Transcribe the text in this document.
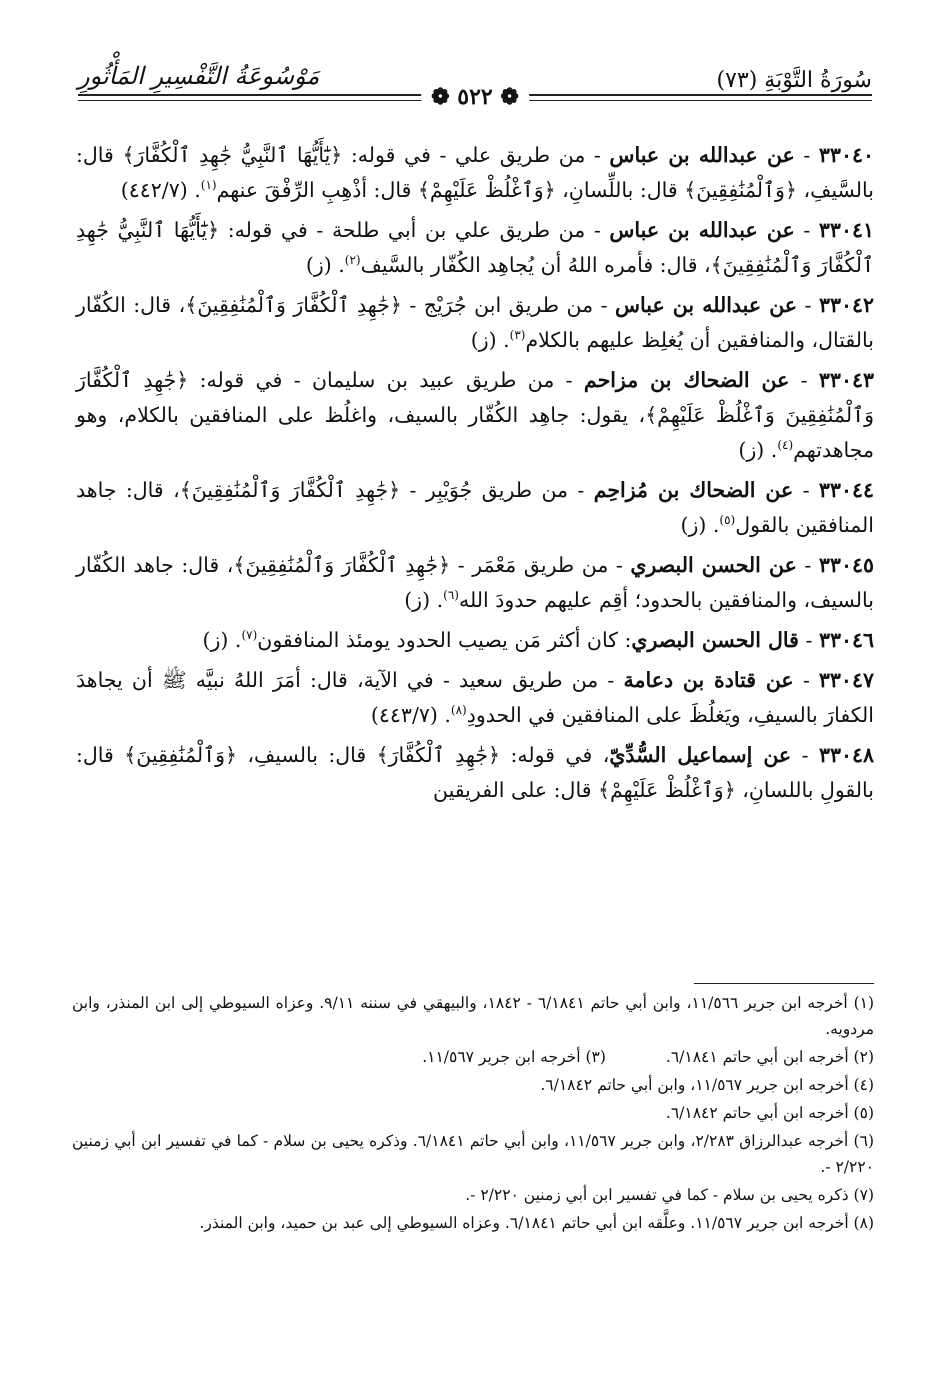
سُورَةُ التَّوْبَةِ (٧٣)
مَوْسُوعَةُ التَّفْسِيرِ المَأْثُورِ
❁ ٥٢٢ ❁

٣٣٠٤٠ - عن عبدالله بن عباس - من طريق علي - في قوله: ﴿يَٰٓأَيُّهَا ٱلنَّبِيُّ جَٰهِدِ ٱلْكُفَّارَ﴾ قال: بالسَّيفِ، ﴿وَٱلْمُنَٰفِقِينَ﴾ قال: باللِّسانِ، ﴿وَٱغْلُظْ عَلَيْهِمْ﴾ قال: أذْهِبِ الرِّفْقَ عنهم$^{(١)}$. (٤٤٢/٧)

٣٣٠٤١ - عن عبدالله بن عباس - من طريق علي بن أبي طلحة - في قوله: ﴿يَٰٓأَيُّهَا ٱلنَّبِيُّ جَٰهِدِ ٱلْكُفَّارَ وَٱلْمُنَٰفِقِينَ﴾، قال: فأمره اللهُ أن يُجاهِد الكُفّار بالسَّيف$^{(٢)}$. (ز)

٣٣٠٤٢ - عن عبدالله بن عباس - من طريق ابن جُرَيْج - ﴿جَٰهِدِ ٱلْكُفَّارَ وَٱلْمُنَٰفِقِينَ﴾، قال: الكُفّار بالقتال، والمنافقين أن يُغلِظ عليهم بالكلام$^{(٣)}$. (ز)

٣٣٠٤٣ - عن الضحاك بن مزاحم - من طريق عبيد بن سليمان - في قوله: ﴿جَٰهِدِ ٱلْكُفَّارَ وَٱلْمُنَٰفِقِينَ وَٱغْلُظْ عَلَيْهِمْ﴾، يقول: جاهِد الكُفّار بالسيف، واغلُظ على المنافقين بالكلام، وهو مجاهدتهم$^{(٤)}$. (ز)

٣٣٠٤٤ - عن الضحاك بن مُزاحِم - من طريق جُوَيْبِر - ﴿جَٰهِدِ ٱلْكُفَّارَ وَٱلْمُنَٰفِقِينَ﴾، قال: جاهد المنافقين بالقول$^{(٥)}$. (ز)

٣٣٠٤٥ - عن الحسن البصري - من طريق مَعْمَر - ﴿جَٰهِدِ ٱلْكُفَّارَ وَٱلْمُنَٰفِقِينَ﴾، قال: جاهد الكُفّار بالسيف، والمنافقين بالحدود؛ أقِم عليهم حدودَ الله$^{(٦)}$. (ز)

٣٣٠٤٦ - قال الحسن البصري: كان أكثر مَن يصيب الحدود يومئذ المنافقون$^{(٧)}$. (ز)

٣٣٠٤٧ - عن قتادة بن دعامة - من طريق سعيد - في الآية، قال: أمَرَ اللهُ نبيَّه ﷺ أن يجاهدَ الكفارَ بالسيفِ، ويَغلُظَ على المنافقين في الحدودِ$^{(٨)}$. (٤٤٣/٧)

٣٣٠٤٨ - عن إسماعيل السُّدِّيّ، في قوله: ﴿جَٰهِدِ ٱلْكُفَّارَ﴾ قال: بالسيفِ، ﴿وَٱلْمُنَٰفِقِينَ﴾ قال: بالقولِ باللسانِ، ﴿وَٱغْلُظْ عَلَيْهِمْ﴾ قال: على الفريقين

(١) أخرجه ابن جرير ١١/٥٦٦، وابن أبي حاتم ٦/١٨٤١ - ١٨٤٢، والبيهقي في سننه ٩/١١. وعزاه السيوطي إلى ابن المنذر، وابن مردويه.

(٢) أخرجه ابن أبي حاتم ٦/١٨٤١.
(٣) أخرجه ابن جرير ١١/٥٦٧.

(٤) أخرجه ابن جرير ١١/٥٦٧، وابن أبي حاتم ٦/١٨٤٢.

(٥) أخرجه ابن أبي حاتم ٦/١٨٤٢.

(٦) أخرجه عبدالرزاق ٢/٢٨٣، وابن جرير ١١/٥٦٧، وابن أبي حاتم ٦/١٨٤١. وذكره يحيى بن سلام - كما في تفسير ابن أبي زمنين ٢/٢٢٠ -.

(٧) ذكره يحيى بن سلام - كما في تفسير ابن أبي زمنين ٢/٢٢٠ -.

(٨) أخرجه ابن جرير ١١/٥٦٧. وعلَّقه ابن أبي حاتم ٦/١٨٤١. وعزاه السيوطي إلى عبد بن حميد، وابن المنذر.
